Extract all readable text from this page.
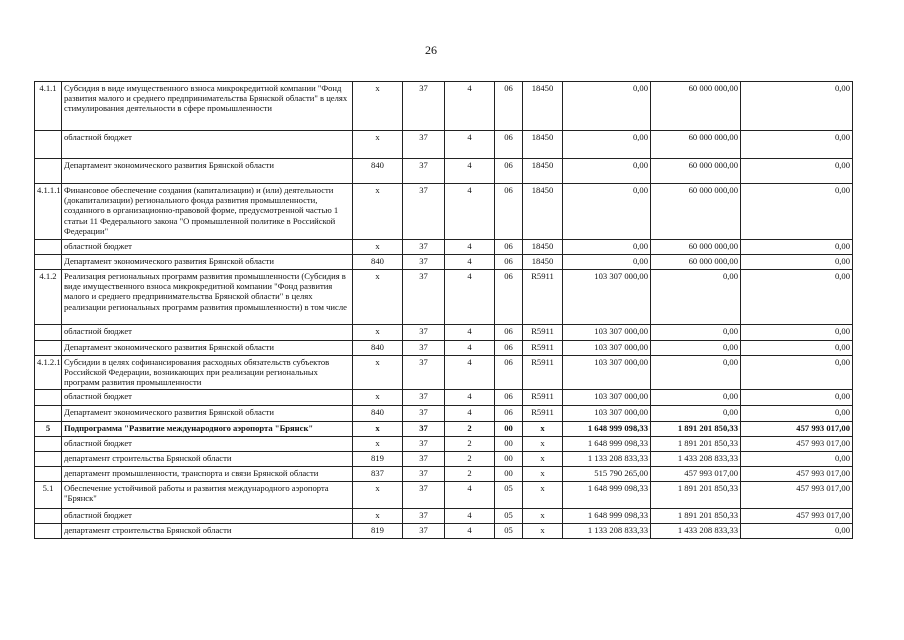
26
4.1.1	Субсидия в виде имущественного взноса микрокредитной компании "Фонд развития малого и среднего предпринимательства Брянской области" в целях стимулирования деятельности в сфере промышленности	x	37	4	06	18450	0,00	60 000 000,00	0,00
	областной бюджет	x	37	4	06	18450	0,00	60 000 000,00	0,00
	Департамент экономического развития Брянской области	840	37	4	06	18450	0,00	60 000 000,00	0,00
4.1.1.1	Финансовое обеспечение создания (капитализации) и (или) деятельности (докапитализации) регионального фонда развития промышленности, созданного в организационно-правовой форме, предусмотренной частью 1 статьи 11 Федерального закона "О промышленной политике в Российской Федерации"	x	37	4	06	18450	0,00	60 000 000,00	0,00
	областной бюджет	x	37	4	06	18450	0,00	60 000 000,00	0,00
	Департамент экономического развития Брянской области	840	37	4	06	18450	0,00	60 000 000,00	0,00
4.1.2	Реализация региональных программ развития промышленности (Субсидия в виде имущественного взноса микрокредитной компании "Фонд развития малого и среднего предпринимательства Брянской области" в целях реализации региональных программ развития промышленности) в том числе	x	37	4	06	R5911	103 307 000,00	0,00	0,00
	областной бюджет	x	37	4	06	R5911	103 307 000,00	0,00	0,00
	Департамент экономического развития Брянской области	840	37	4	06	R5911	103 307 000,00	0,00	0,00
4.1.2.1	Субсидии в целях софинансирования расходных обязательств субъектов Российской Федерации, возникающих при реализации региональных программ развития промышленности	x	37	4	06	R5911	103 307 000,00	0,00	0,00
	областной бюджет	x	37	4	06	R5911	103 307 000,00	0,00	0,00
	Департамент экономического развития Брянской области	840	37	4	06	R5911	103 307 000,00	0,00	0,00
5	Подпрограмма "Развитие международного аэропорта "Брянск"	x	37	2	00	x	1 648 999 098,33	1 891 201 850,33	457 993 017,00
	областной бюджет	x	37	2	00	x	1 648 999 098,33	1 891 201 850,33	457 993 017,00
	департамент строительства Брянской области	819	37	2	00	x	1 133 208 833,33	1 433 208 833,33	0,00
	департамент промышленности, транспорта и связи Брянской области	837	37	2	00	x	515 790 265,00	457 993 017,00	457 993 017,00
5.1	Обеспечение устойчивой работы и развития международного аэропорта "Брянск"	x	37	4	05	x	1 648 999 098,33	1 891 201 850,33	457 993 017,00
	областной бюджет	x	37	4	05	x	1 648 999 098,33	1 891 201 850,33	457 993 017,00
	департамент строительства Брянской области	819	37	4	05	x	1 133 208 833,33	1 433 208 833,33	0,00
